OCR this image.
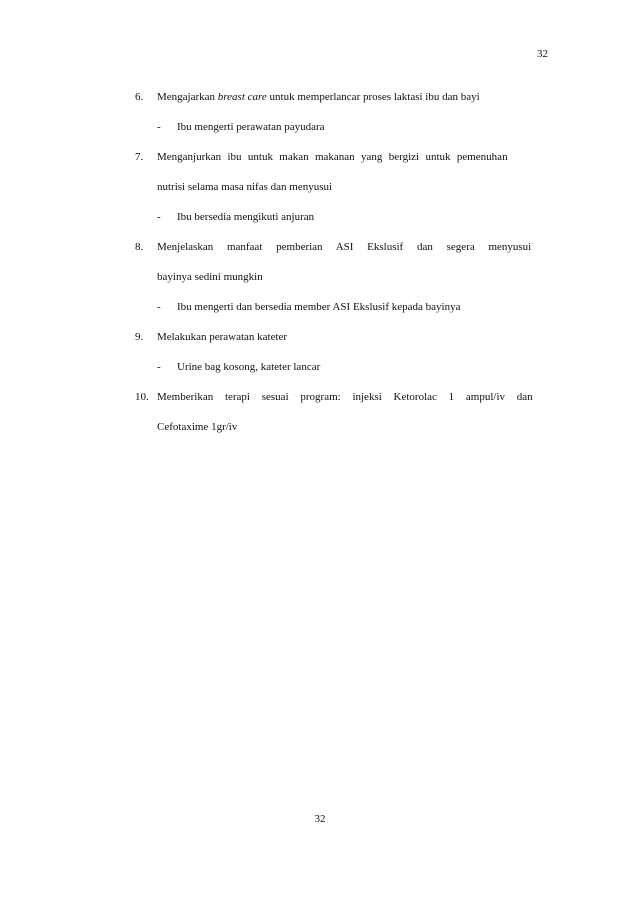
32
6. Mengajarkan breast care untuk memperlancar proses laktasi ibu dan bayi
- Ibu mengerti perawatan payudara
7. Menganjurkan ibu untuk makan makanan yang bergizi untuk pemenuhan
nutrisi selama masa nifas dan menyusui
- Ibu bersedia mengikuti anjuran
8. Menjelaskan manfaat pemberian ASI Ekslusif dan segera menyusui
bayinya sedini mungkin
- Ibu mengerti dan bersedia member ASI Ekslusif kepada bayinya
9. Melakukan perawatan kateter
- Urine bag kosong, kateter lancar
10. Memberikan terapi sesuai program: injeksi Ketorolac 1 ampul/iv dan
Cefotaxime 1gr/iv
32
